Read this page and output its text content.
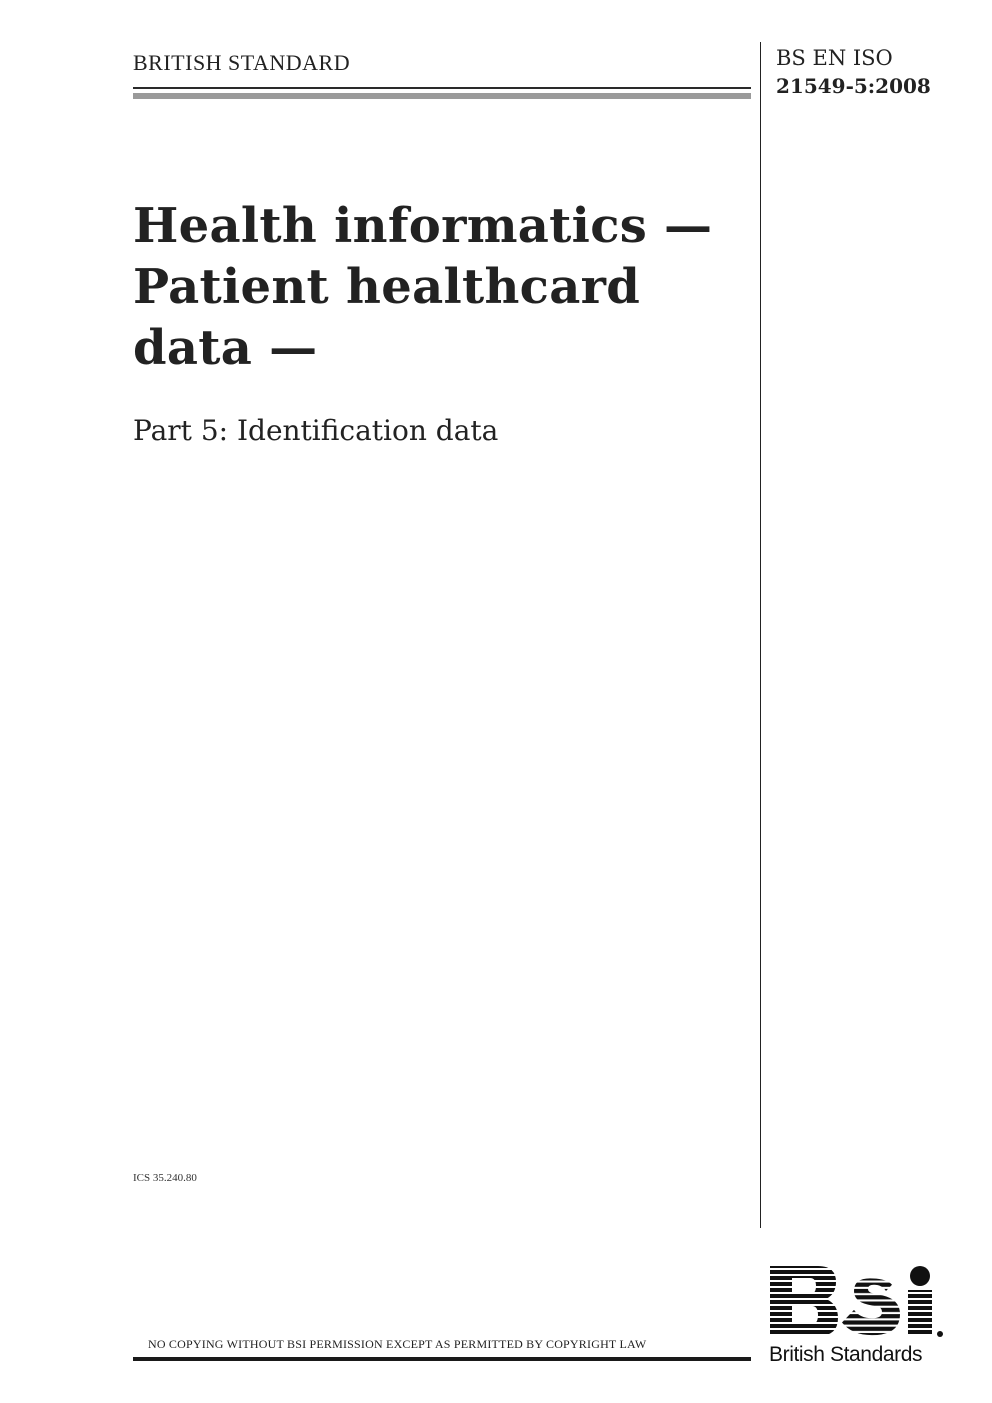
BRITISH STANDARD	BS EN ISO
21549-5:2008
Health informatics —
Patient healthcard
data —
Part 5: Identification data
ICS 35.240.80
NO COPYING WITHOUT BSI PERMISSION EXCEPT AS PERMITTED BY COPYRIGHT LAW	British Standards
